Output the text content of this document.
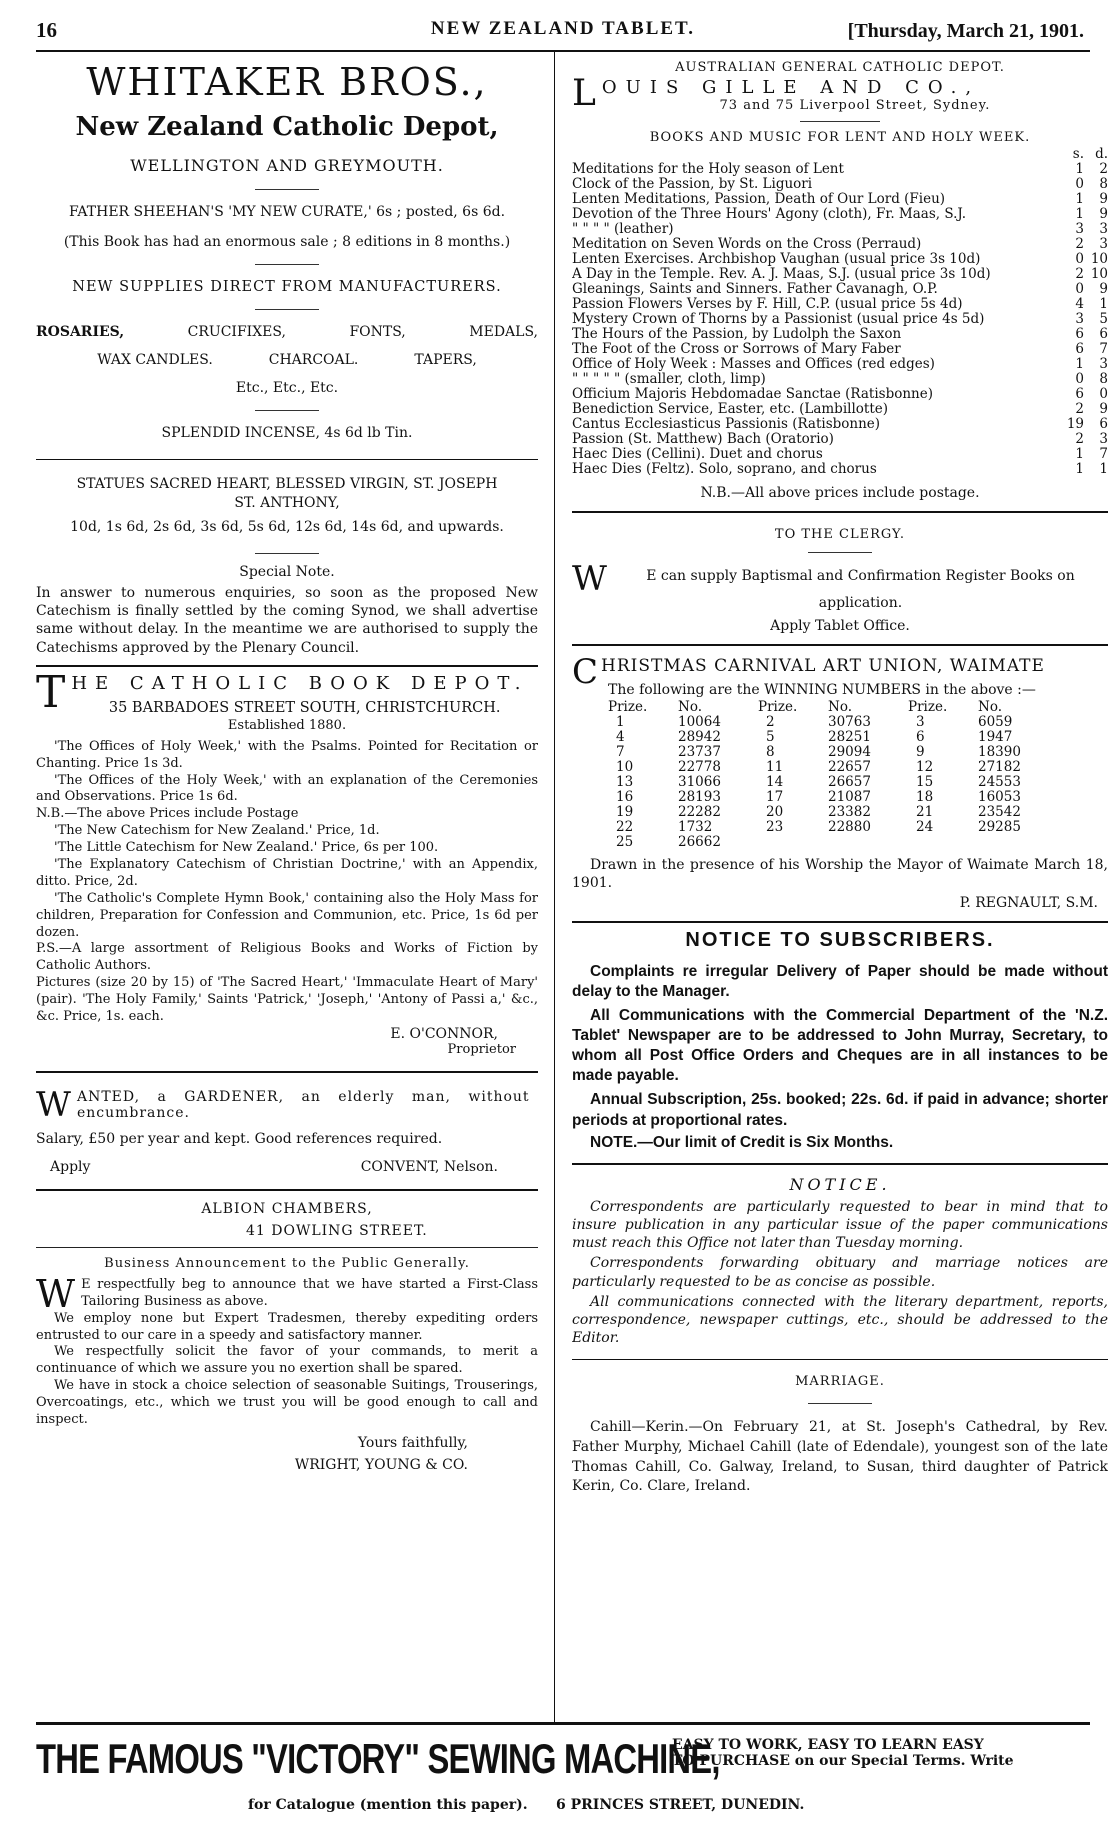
16	NEW ZEALAND TABLET.	[Thursday, March 21, 1901.
WHITAKER BROS.,
New Zealand Catholic Depot,
WELLINGTON AND GREYMOUTH.
FATHER SHEEHAN'S 'MY NEW CURATE,' 6s ; posted, 6s 6d.
(This Book has had an enormous sale ; 8 editions in 8 months.)
NEW SUPPLIES DIRECT FROM MANUFACTURERS.
ROSARIES,	CRUCIFIXES,	FONTS,	MEDALS,
WAX CANDLES.	CHARCOAL.	TAPERS,
Etc., Etc., Etc.
SPLENDID INCENSE, 4s 6d lb Tin.
STATUES SACRED HEART, BLESSED VIRGIN, ST. JOSEPH
ST. ANTHONY,
10d, 1s 6d, 2s 6d, 3s 6d, 5s 6d, 12s 6d, 14s 6d, and upwards.
Special Note.

In answer to numerous enquiries, so soon as the proposed New Catechism is finally settled by the coming Synod, we shall advertise same without delay. In the meantime we are authorised to supply the Catechisms approved by the Plenary Council.

T HE CATHOLIC BOOK DEPOT.
35 BARBADOES STREET SOUTH, CHRISTCHURCH.
Established 1880.

'The Offices of Holy Week,' with the Psalms. Pointed for Recitation or Chanting. Price 1s 3d.

'The Offices of the Holy Week,' with an explanation of the Ceremonies and Observations. Price 1s 6d.

N.B.—The above Prices include Postage

'The New Catechism for New Zealand.' Price, 1d.

'The Little Catechism for New Zealand.' Price, 6s per 100.

'The Explanatory Catechism of Christian Doctrine,' with an Appendix, ditto. Price, 2d.

'The Catholic's Complete Hymn Book,' containing also the Holy Mass for children, Preparation for Confession and Communion, etc. Price, 1s 6d per dozen.

P.S.—A large assortment of Religious Books and Works of Fiction by Catholic Authors.

Pictures (size 20 by 15) of 'The Sacred Heart,' 'Immaculate Heart of Mary' (pair). 'The Holy Family,' Saints 'Patrick,' 'Joseph,' 'Antony of Passi a,' &c., &c. Price, 1s. each.

E. O'CONNOR,
Proprietor
W ANTED, a GARDENER, an elderly man, without encumbrance.
Salary, £50 per year and kept. Good references required.
Apply	CONVENT, Nelson.
ALBION CHAMBERS,
41 DOWLING STREET.
Business Announcement to the Public Generally.
W E respectfully beg to announce that we have started a First-Class Tailoring Business as above.

We employ none but Expert Tradesmen, thereby expediting orders entrusted to our care in a speedy and satisfactory manner.

We respectfully solicit the favor of your commands, to merit a continuance of which we assure you no exertion shall be spared.

We have in stock a choice selection of seasonable Suitings, Trouserings, Overcoatings, etc., which we trust you will be good enough to call and inspect.

Yours faithfully,
WRIGHT, YOUNG & CO.
AUSTRALIAN GENERAL CATHOLIC DEPOT.
L OUIS GILLE AND CO.,
73 and 75 Liverpool Street, Sydney.
BOOKS AND MUSIC FOR LENT AND HOLY WEEK.
	s.	d.
Meditations for the Holy season of Lent	1	2
Clock of the Passion, by St. Liguori	0	8
Lenten Meditations, Passion, Death of Our Lord (Fieu)	1	9
Devotion of the Three Hours' Agony (cloth), Fr. Maas, S.J.	1	9
" " " " (leather)	3	3
Meditation on Seven Words on the Cross (Perraud)	2	3
Lenten Exercises. Archbishop Vaughan (usual price 3s 10d)	0	10
A Day in the Temple. Rev. A. J. Maas, S.J. (usual price 3s 10d)	2	10
Gleanings, Saints and Sinners. Father Cavanagh, O.P.	0	9
Passion Flowers Verses by F. Hill, C.P. (usual price 5s 4d)	4	1
Mystery Crown of Thorns by a Passionist (usual price 4s 5d)	3	5
The Hours of the Passion, by Ludolph the Saxon	6	6
The Foot of the Cross or Sorrows of Mary Faber	6	7
Office of Holy Week : Masses and Offices (red edges)	1	3
" " " " " (smaller, cloth, limp)	0	8
Officium Majoris Hebdomadae Sanctae (Ratisbonne)	6	0
Benediction Service, Easter, etc. (Lambillotte)	2	9
Cantus Ecclesiasticus Passionis (Ratisbonne)	19	6
Passion (St. Matthew) Bach (Oratorio)	2	3
Haec Dies (Cellini). Duet and chorus	1	7
Haec Dies (Feltz). Solo, soprano, and chorus	1	1
N.B.—All above prices include postage.
TO THE CLERGY.
W	E can supply Baptismal and Confirmation Register Books on application.
Apply Tablet Office.
C HRISTMAS CARNIVAL ART UNION, WAIMATE
The following are the WINNING NUMBERS in the above :—
Prize.	No.	Prize.	No.	Prize.	No.
1	10064	2	30763	3	6059
4	28942	5	28251	6	1947
7	23737	8	29094	9	18390
10	22778	11	22657	12	27182
13	31066	14	26657	15	24553
16	28193	17	21087	18	16053
19	22282	20	23382	21	23542
22	1732	23	22880	24	29285
25	26662				

Drawn in the presence of his Worship the Mayor of Waimate March 18, 1901.

P. REGNAULT, S.M.
NOTICE TO SUBSCRIBERS.

Complaints re irregular Delivery of Paper should be made without delay to the Manager.

All Communications with the Commercial Department of the 'N.Z. Tablet' Newspaper are to be addressed to John Murray, Secretary, to whom all Post Office Orders and Cheques are in all instances to be made payable.

Annual Subscription, 25s. booked; 22s. 6d. if paid in advance; shorter periods at proportional rates.

NOTE.—Our limit of Credit is Six Months.

NOTICE.

Correspondents are particularly requested to bear in mind that to insure publication in any particular issue of the paper communications must reach this Office not later than Tuesday morning.

Correspondents forwarding obituary and marriage notices are particularly requested to be as concise as possible.

All communications connected with the literary department, reports, correspondence, newspaper cuttings, etc., should be addressed to the Editor.

MARRIAGE.

Cahill—Kerin.—On February 21, at St. Joseph's Cathedral, by Rev. Father Murphy, Michael Cahill (late of Edendale), youngest son of the late Thomas Cahill, Co. Galway, Ireland, to Susan, third daughter of Patrick Kerin, Co. Clare, Ireland.

THE FAMOUS "VICTORY" SEWING MACHINE,
EASY TO WORK, EASY TO LEARN EASY
TO PURCHASE on our Special Terms. Write
for Catalogue (mention this paper). 6 PRINCES STREET, DUNEDIN.
